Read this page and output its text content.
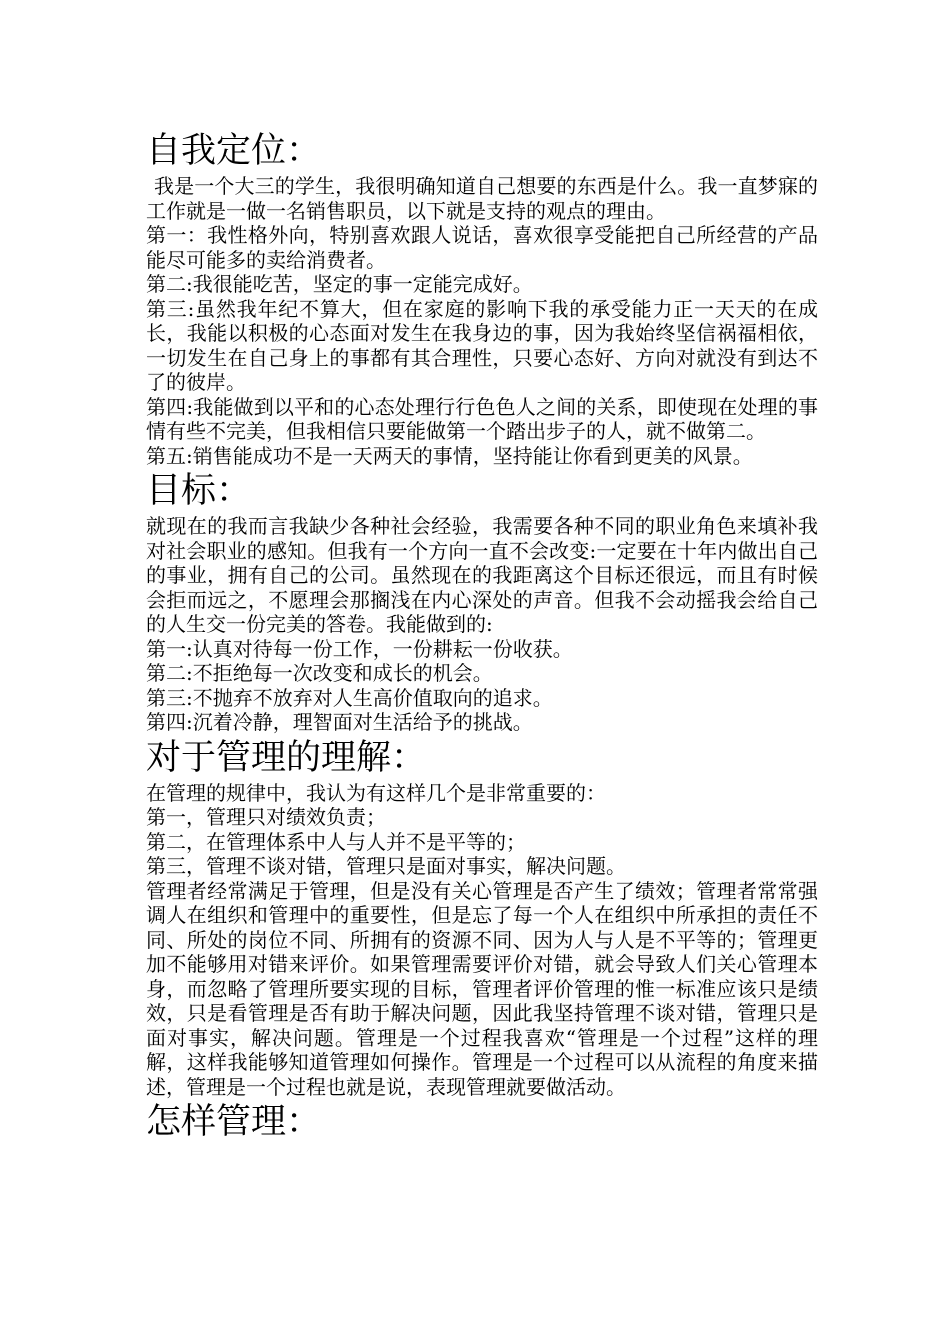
自我定位：

我是一个大三的学生，我很明确知道自己想要的东西是什么。我一直梦寐的工作就是一做一名销售职员，以下就是支持的观点的理由。

第一：我性格外向，特别喜欢跟人说话，喜欢很享受能把自己所经营的产品能尽可能多的卖给消费者。

第二:我很能吃苦，坚定的事一定能完成好。

第三:虽然我年纪不算大，但在家庭的影响下我的承受能力正一天天的在成长，我能以积极的心态面对发生在我身边的事，因为我始终坚信祸福相依，一切发生在自己身上的事都有其合理性，只要心态好、方向对就没有到达不了的彼岸。

第四:我能做到以平和的心态处理行行色色人之间的关系，即使现在处理的事情有些不完美，但我相信只要能做第一个踏出步子的人，就不做第二。

第五:销售能成功不是一天两天的事情，坚持能让你看到更美的风景。

目标：

就现在的我而言我缺少各种社会经验，我需要各种不同的职业角色来填补我对社会职业的感知。但我有一个方向一直不会改变:一定要在十年内做出自己的事业，拥有自己的公司。虽然现在的我距离这个目标还很远，而且有时候会拒而远之，不愿理会那搁浅在内心深处的声音。但我不会动摇我会给自己的人生交一份完美的答卷。我能做到的:

第一:认真对待每一份工作，一份耕耘一份收获。

第二:不拒绝每一次改变和成长的机会。

第三:不抛弃不放弃对人生高价值取向的追求。

第四:沉着冷静，理智面对生活给予的挑战。

对于管理的理解：

在管理的规律中，我认为有这样几个是非常重要的：

第一，管理只对绩效负责；

第二，在管理体系中人与人并不是平等的；

第三，管理不谈对错，管理只是面对事实，解决问题。

管理者经常满足于管理，但是没有关心管理是否产生了绩效；管理者常常强调人在组织和管理中的重要性，但是忘了每一个人在组织中所承担的责任不同、所处的岗位不同、所拥有的资源不同、因为人与人是不平等的；管理更加不能够用对错来评价。如果管理需要评价对错，就会导致人们关心管理本身，而忽略了管理所要实现的目标，管理者评价管理的惟一标准应该只是绩效，只是看管理是否有助于解决问题，因此我坚持管理不谈对错，管理只是面对事实，解决问题。管理是一个过程我喜欢“管理是一个过程”这样的理解，这样我能够知道管理如何操作。管理是一个过程可以从流程的角度来描述，管理是一个过程也就是说，表现管理就要做活动。

怎样管理：
